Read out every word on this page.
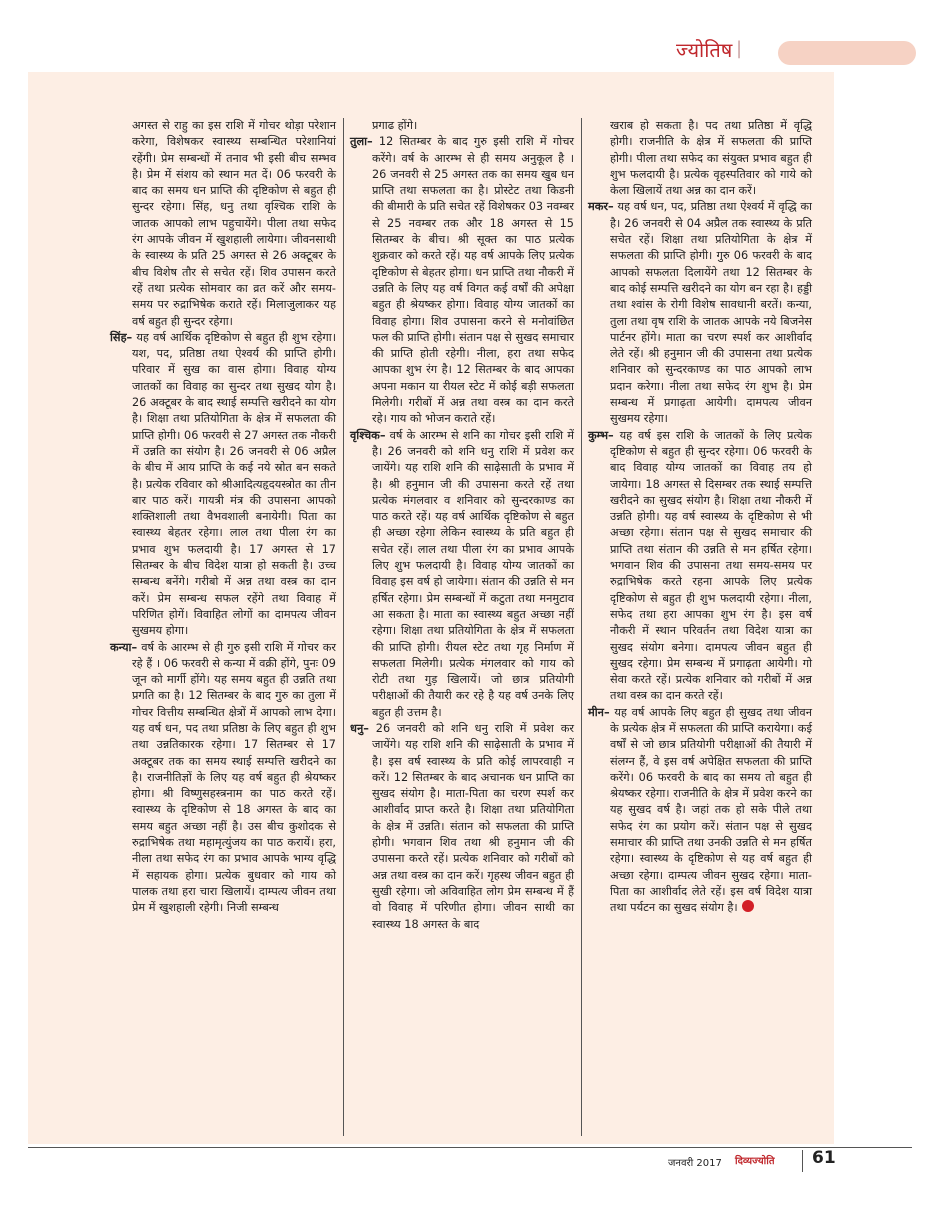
ज्योतिष |

अगस्त से राहु का इस राशि में गोचर थोड़ा परेशान करेगा, विशेषकर स्वास्थ्य सम्बन्धित परेशानियां रहेंगी। प्रेम सम्बन्धों में तनाव भी इसी बीच सम्भव है। प्रेम में संशय को स्थान मत दें। 06 फरवरी के बाद का समय धन प्राप्ति की दृष्टिकोण से बहुत ही सुन्दर रहेगा। सिंह, धनु तथा वृश्चिक राशि के जातक आपको लाभ पहुचायेंगे। पीला तथा सफेद रंग आपके जीवन में खुशहाली लायेगा। जीवनसाथी के स्वास्थ्य के प्रति 25 अगस्त से 26 अक्टूबर के बीच विशेष तौर से सचेत रहें। शिव उपासन करते रहें तथा प्रत्येक सोमवार का व्रत करें और समय-समय पर रुद्राभिषेक कराते रहें। मिलाजुलाकर यह वर्ष बहुत ही सुन्दर रहेगा।

सिंह– यह वर्ष आर्थिक दृष्टिकोण से बहुत ही शुभ रहेगा। यश, पद, प्रतिष्ठा तथा ऐश्वर्य की प्राप्ति होगी। परिवार में सुख का वास होगा। विवाह योग्य जातकों का विवाह का सुन्दर तथा सुखद योग है। 26 अक्टूबर के बाद स्थाई सम्पत्ति खरीदने का योग है। शिक्षा तथा प्रतियोगिता के क्षेत्र में सफलता की प्राप्ति होगी। 06 फरवरी से 27 अगस्त तक नौकरी में उन्नति का संयोग है। 26 जनवरी से 06 अप्रैल के बीच में आय प्राप्ति के कई नये स्रोत बन सकते है। प्रत्येक रविवार को श्रीआदित्यहृदयस्त्रोत का तीन बार पाठ करें। गायत्री मंत्र की उपासना आपको शक्तिशाली तथा वैभवशाली बनायेगी। पिता का स्वास्थ्य बेहतर रहेगा। लाल तथा पीला रंग का प्रभाव शुभ फलदायी है। 17 अगस्त से 17 सितम्बर के बीच विदेश यात्रा हो सकती है। उच्च सम्बन्ध बनेंगे। गरीबो में अन्न तथा वस्त्र का दान करें। प्रेम सम्बन्ध सफल रहेंगे तथा विवाह में परिणित होगें। विवाहित लोगों का दामपत्य जीवन सुखमय होगा।

कन्या– वर्ष के आरम्भ से ही गुरु इसी राशि में गोचर कर रहे हैं । 06 फरवरी से कन्या में वक्री होंगे, पुनः 09 जून को मार्गी होंगे। यह समय बहुत ही उन्नति तथा प्रगति का है। 12 सितम्बर के बाद गुरु का तुला में गोचर वित्तीय सम्बन्धित क्षेत्रों में आपको लाभ देगा। यह वर्ष धन, पद तथा प्रतिष्ठा के लिए बहुत ही शुभ तथा उन्नतिकारक रहेगा। 17 सितम्बर से 17 अक्टूबर तक का समय स्थाई सम्पत्ति खरीदने का है। राजनीतिज्ञों के लिए यह वर्ष बहुत ही श्रेयष्कर होगा। श्री विष्णुसहस्त्रनाम का पाठ करते रहें। स्वास्थ्य के दृष्टिकोण से 18 अगस्त के बाद का समय बहुत अच्छा नहीं है। उस बीच कुशोदक से रुद्राभिषेक तथा महामृत्युंजय का पाठ करायें। हरा, नीला तथा सफेद रंग का प्रभाव आपके भाग्य वृद्धि में सहायक होगा। प्रत्येक बुधवार को गाय को पालक तथा हरा चारा खिलायें। दाम्पत्य जीवन तथा प्रेम में खुशहाली रहेगी। निजी सम्बन्ध

प्रगाढ होंगे।

तुला– 12 सितम्बर के बाद गुरु इसी राशि में गोचर करेंगे। वर्ष के आरम्भ से ही समय अनुकूल है । 26 जनवरी से 25 अगस्त तक का समय खुब धन प्राप्ति तथा सफलता का है। प्रोस्टेट तथा किडनी की बीमारी के प्रति सचेत रहें विशेषकर 03 नवम्बर से 25 नवम्बर तक और 18 अगस्त से 15 सितम्बर के बीच। श्री सूक्त का पाठ प्रत्येक शुक्रवार को करते रहें। यह वर्ष आपके लिए प्रत्येक दृष्टिकोण से बेहतर होगा। धन प्राप्ति तथा नौकरी में उन्नति के लिए यह वर्ष विगत कई वर्षों की अपेक्षा बहुत ही श्रेयष्कर होगा। विवाह योग्य जातकों का विवाह होगा। शिव उपासना करने से मनोवांछित फल की प्राप्ति होगी। संतान पक्ष से सुखद समाचार की प्राप्ति होती रहेगी। नीला, हरा तथा सफेद आपका शुभ रंग है। 12 सितम्बर के बाद आपका अपना मकान या रीयल स्टेट में कोई बड़ी सफलता मिलेगी। गरीबों में अन्न तथा वस्त्र का दान करते रहे। गाय को भोजन कराते रहें।

वृश्चिक– वर्ष के आरम्भ से शनि का गोचर इसी राशि में है। 26 जनवरी को शनि धनु राशि में प्रवेश कर जायेंगे। यह राशि शनि की साढ़ेसाती के प्रभाव में है। श्री हनुमान जी की उपासना करते रहें तथा प्रत्येक मंगलवार व शनिवार को सुन्दरकाण्ड का पाठ करते रहें। यह वर्ष आर्थिक दृष्टिकोण से बहुत ही अच्छा रहेगा लेकिन स्वास्थ्य के प्रति बहुत ही सचेत रहें। लाल तथा पीला रंग का प्रभाव आपके लिए शुभ फलदायी है। विवाह योग्य जातकों का विवाह इस वर्ष हो जायेगा। संतान की उन्नति से मन हर्षित रहेगा। प्रेम सम्बन्धों में कटुता तथा मनमुटाव आ सकता है। माता का स्वास्थ्य बहुत अच्छा नहीं रहेगा। शिक्षा तथा प्रतियोगिता के क्षेत्र में सफलता की प्राप्ति होगी। रीयल स्टेट तथा गृह निर्माण में सफलता मिलेगी। प्रत्येक मंगलवार को गाय को रोटी तथा गुड़ खिलायें। जो छात्र प्रतियोगी परीक्षाओं की तैयारी कर रहे है यह वर्ष उनके लिए बहुत ही उत्तम है।

धनु– 26 जनवरी को शनि धनु राशि में प्रवेश कर जायेंगे। यह राशि शनि की साढ़ेसाती के प्रभाव में है। इस वर्ष स्वास्थ्य के प्रति कोई लापरवाही न करें। 12 सितम्बर के बाद अचानक धन प्राप्ति का सुखद संयोग है। माता-पिता का चरण स्पर्श कर आशीर्वाद प्राप्त करते है। शिक्षा तथा प्रतियोगिता के क्षेत्र में उन्नति। संतान को सफलता की प्राप्ति होगी। भगवान शिव तथा श्री हनुमान जी की उपासना करते रहें। प्रत्येक शनिवार को गरीबों को अन्न तथा वस्त्र का दान करें। गृहस्थ जीवन बहुत ही सुखी रहेगा। जो अविवाहित लोग प्रेम सम्बन्ध में हैं वो विवाह में परिणीत होगा। जीवन साथी का स्वास्थ्य 18 अगस्त के बाद

खराब हो सकता है। पद तथा प्रतिष्ठा में वृद्धि होगी। राजनीति के क्षेत्र में सफलता की प्राप्ति होगी। पीला तथा सफेद का संयुक्त प्रभाव बहुत ही शुभ फलदायी है। प्रत्येक वृहस्पतिवार को गाये को केला खिलायें तथा अन्न का दान करें।

मकर– यह वर्ष धन, पद, प्रतिष्ठा तथा ऐश्वर्य में वृद्धि का है। 26 जनवरी से 04 अप्रैल तक स्वास्थ्य के प्रति सचेत रहें। शिक्षा तथा प्रतियोगिता के क्षेत्र में सफलता की प्राप्ति होगी। गुरु 06 फरवरी के बाद आपको सफलता दिलायेंगे तथा 12 सितम्बर के बाद कोई सम्पत्ति खरीदने का योग बन रहा है। हड्डी तथा श्वांस के रोगी विशेष सावधानी बरतें। कन्या, तुला तथा वृष राशि के जातक आपके नये बिजनेस पार्टनर होंगे। माता का चरण स्पर्श कर आशीर्वाद लेते रहें। श्री हनुमान जी की उपासना तथा प्रत्येक शनिवार को सुन्दरकाण्ड का पाठ आपको लाभ प्रदान करेगा। नीला तथा सफेद रंग शुभ है। प्रेम सम्बन्ध में प्रगाढ़ता आयेगी। दामपत्य जीवन सुखमय रहेगा।

कुम्भ– यह वर्ष इस राशि के जातकों के लिए प्रत्येक दृष्टिकोण से बहुत ही सुन्दर रहेगा। 06 फरवरी के बाद विवाह योग्य जातकों का विवाह तय हो जायेगा। 18 अगस्त से दिसम्बर तक स्थाई सम्पत्ति खरीदने का सुखद संयोग है। शिक्षा तथा नौकरी में उन्नति होगी। यह वर्ष स्वास्थ्य के दृष्टिकोण से भी अच्छा रहेगा। संतान पक्ष से सुखद समाचार की प्राप्ति तथा संतान की उन्नति से मन हर्षित रहेगा। भगवान शिव की उपासना तथा समय-समय पर रुद्राभिषेक करते रहना आपके लिए प्रत्येक दृष्टिकोण से बहुत ही शुभ फलदायी रहेगा। नीला, सफेद तथा हरा आपका शुभ रंग है। इस वर्ष नौकरी में स्थान परिवर्तन तथा विदेश यात्रा का सुखद संयोग बनेगा। दामपत्य जीवन बहुत ही सुखद रहेगा। प्रेम सम्बन्ध में प्रगाढ़ता आयेगी। गो सेवा करते रहें। प्रत्येक शनिवार को गरीबों में अन्न तथा वस्त्र का दान करते रहें।

मीन– यह वर्ष आपके लिए बहुत ही सुखद तथा जीवन के प्रत्येक क्षेत्र में सफलता की प्राप्ति करायेगा। कई वर्षों से जो छात्र प्रतियोगी परीक्षाओं की तैयारी में संलग्न हैं, वे इस वर्ष अपेक्षित सफलता की प्राप्ति करेंगे। 06 फरवरी के बाद का समय तो बहुत ही श्रेयष्कर रहेगा। राजनीति के क्षेत्र में प्रवेश करने का यह सुखद वर्ष है। जहां तक हो सके पीले तथा सफेद रंग का प्रयोग करें। संतान पक्ष से सुखद समाचार की प्राप्ति तथा उनकी उन्नति से मन हर्षित रहेगा। स्वास्थ्य के दृष्टिकोण से यह वर्ष बहुत ही अच्छा रहेगा। दाम्पत्य जीवन सुखद रहेगा। माता-पिता का आशीर्वाद लेते रहें। इस वर्ष विदेश यात्रा तथा पर्यटन का सुखद संयोग है।

जनवरी 2017 दिव्यज्योति 61
